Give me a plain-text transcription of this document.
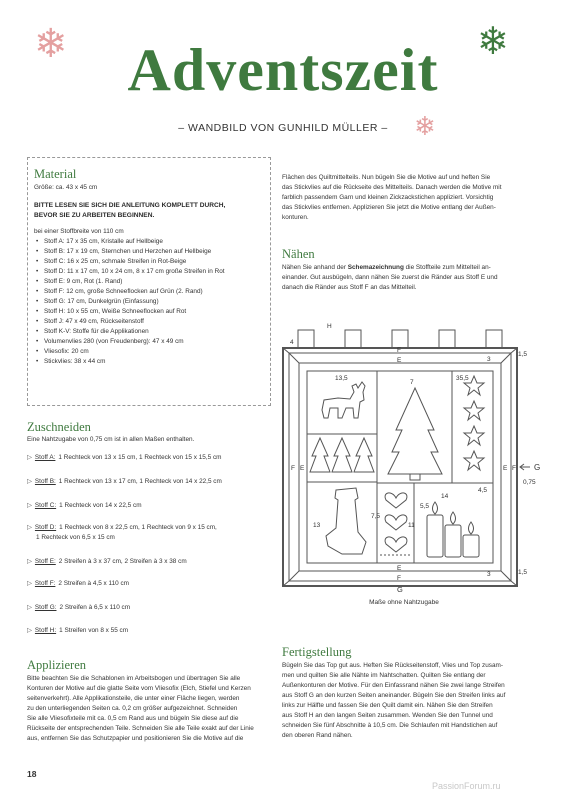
❄	❄
❄
Adventszeit
– WANDBILD VON GUNHILD MÜLLER –
Material
Größe: ca. 43 x 45 cm
BITTE LESEN SIE SICH DIE ANLEITUNG KOMPLETT DURCH,
BEVOR SIE ZU ARBEITEN BEGINNEN.
bei einer Stoffbreite von 110 cm
• Stoff A: 17 x 35 cm, Kristalle auf Hellbeige
• Stoff B: 17 x 19 cm, Sternchen und Herzchen auf Hellbeige
• Stoff C: 16 x 25 cm, schmale Streifen in Rot-Beige
• Stoff D: 11 x 17 cm, 10 x 24 cm, 8 x 17 cm große Streifen in Rot
• Stoff E: 9 cm, Rot (1. Rand)
• Stoff F: 12 cm, große Schneeflocken auf Grün (2. Rand)
• Stoff G: 17 cm, Dunkelgrün (Einfassung)
• Stoff H: 10 x 55 cm, Weiße Schneeflocken auf Rot
• Stoff J: 47 x 49 cm, Rückseitenstoff
• Stoff K-V: Stoffe für die Applikationen
• Volumenvlies 280 (von Freudenberg): 47 x 49 cm
• Vliesofix: 20 cm
• Stickvlies: 38 x 44 cm
Zuschneiden
Eine Nahtzugabe von 0,75 cm ist in allen Maßen enthalten.
▷ Stoff A: 1 Rechteck von 13 x 15 cm, 1 Rechteck von 15 x 15,5 cm
▷ Stoff B: 1 Rechteck von 13 x 17 cm, 1 Rechteck von 14 x 22,5 cm
▷ Stoff C: 1 Rechteck von 14 x 22,5 cm
▷ Stoff D: 1 Rechteck von 8 x 22,5 cm, 1 Rechteck von 9 x 15 cm,
1 Rechteck von 6,5 x 15 cm
▷ Stoff E: 2 Streifen à 3 x 37 cm, 2 Streifen à 3 x 38 cm
▷ Stoff F: 2 Streifen à 4,5 x 110 cm
▷ Stoff G: 2 Streifen à 6,5 x 110 cm
▷ Stoff H: 1 Streifen von 8 x 55 cm
Applizieren
Bitte beachten Sie die Schablonen im Arbeitsbogen und übertragen Sie alle
Konturen der Motive auf die glatte Seite vom Vliesofix (Elch, Stiefel und Kerzen
seitenverkehrt). Alle Applikationsteile, die unter einer Fläche liegen, werden
zu den unterliegenden Seiten ca. 0,2 cm größer aufgezeichnet. Schneiden
Sie alle Vliesofixteile mit ca. 0,5 cm Rand aus und bügeln Sie diese auf die
Rückseite der entsprechenden Teile. Schneiden Sie alle Teile exakt auf der Linie
aus, entfernen Sie das Schutzpapier und positionieren Sie die Motive auf die
Flächen des Quiltmittelteils. Nun bügeln Sie die Motive auf und heften Sie
das Stickvlies auf die Rückseite des Mittelteils. Danach werden die Motive mit
farblich passendem Garn und kleinen Zickzackstichen appliziert. Vorsichtig
das Stickvlies entfernen. Applizieren Sie jetzt die Motive entlang der Außen-
konturen.
Nähen
Nähen Sie anhand der Schemazeichnung die Stoffteile zum Mittelteil an-
einander. Gut ausbügeln, dann nähen Sie zuerst die Ränder aus Stoff E und
danach die Ränder aus Stoff F an das Mittelteil.
H
4
F
E	3
1,5
13,5	35,5
7
F E	E F G
0,75
7,5
14
11
5,5
13
4,5
E
F
G
3	1,5
Maße ohne Nahtzugabe
Fertigstellung
Bügeln Sie das Top gut aus. Heften Sie Rückseitenstoff, Vlies und Top zusam-
men und quilten Sie alle Nähte im Nahtschatten. Quilten Sie entlang der
Außenkonturen der Motive. Für den Einfassrand nähen Sie zwei lange Streifen
aus Stoff G an den kurzen Seiten aneinander. Bügeln Sie den Streifen links auf
links zur Hälfte und fassen Sie den Quilt damit ein. Nähen Sie den Streifen
aus Stoff H an den langen Seiten zusammen. Wenden Sie den Tunnel und
schneiden Sie fünf Abschnitte à 10,5 cm. Die Schlaufen mit Handstichen auf
den oberen Rand nähen.
18
PassionForum.ru
